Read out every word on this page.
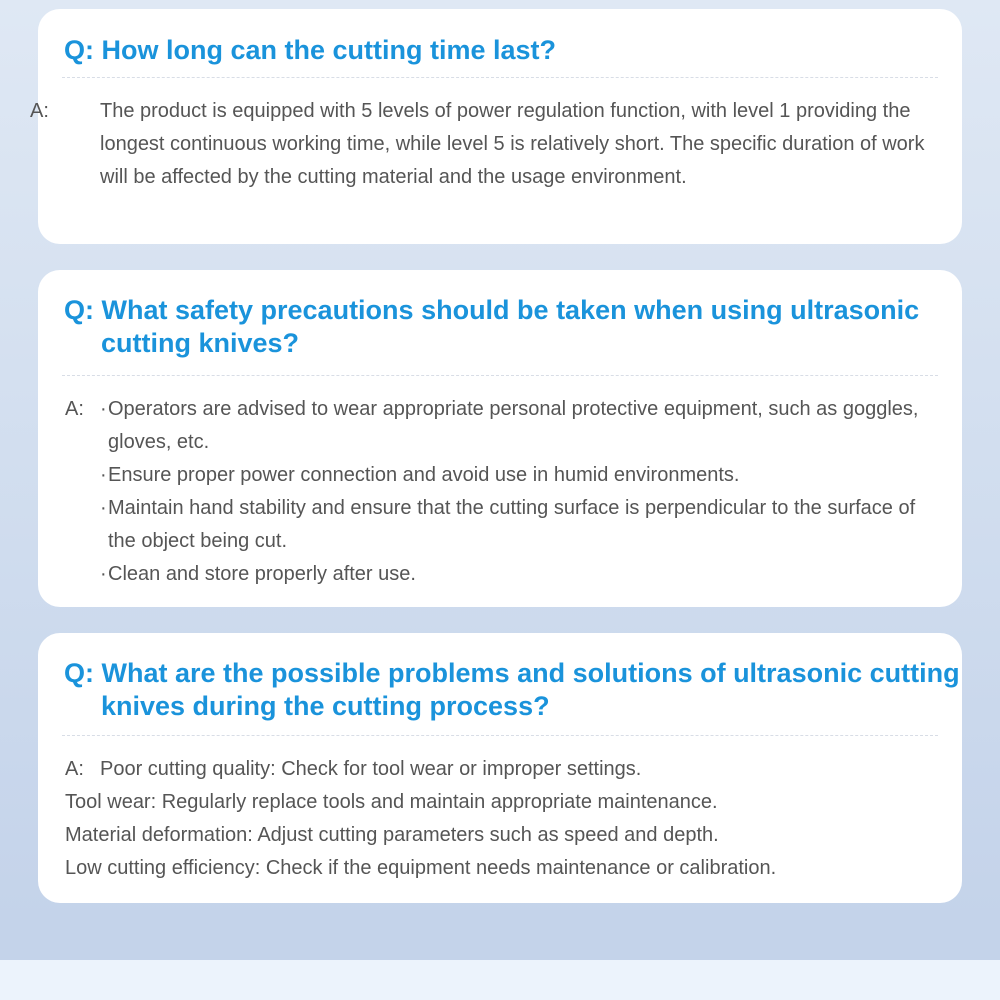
Q: How long can the cutting time last?
A:	The product is equipped with 5 levels of power regulation function, with level 1 providing the longest continuous working time, while level 5 is relatively short. The specific duration of work will be affected by the cutting material and the usage environment.
Q: What safety precautions should be taken when using ultrasonic cutting knives?
A: ·Operators are advised to wear appropriate personal protective equipment, such as goggles, gloves, etc.
·Ensure proper power connection and avoid use in humid environments.
·Maintain hand stability and ensure that the cutting surface is perpendicular to the surface of the object being cut.
·Clean and store properly after use.
Q: What are the possible problems and solutions of ultrasonic cutting knives during the cutting process?
A: Poor cutting quality: Check for tool wear or improper settings.
Tool wear: Regularly replace tools and maintain appropriate maintenance.
Material deformation: Adjust cutting parameters such as speed and depth.
Low cutting efficiency: Check if the equipment needs maintenance or calibration.
